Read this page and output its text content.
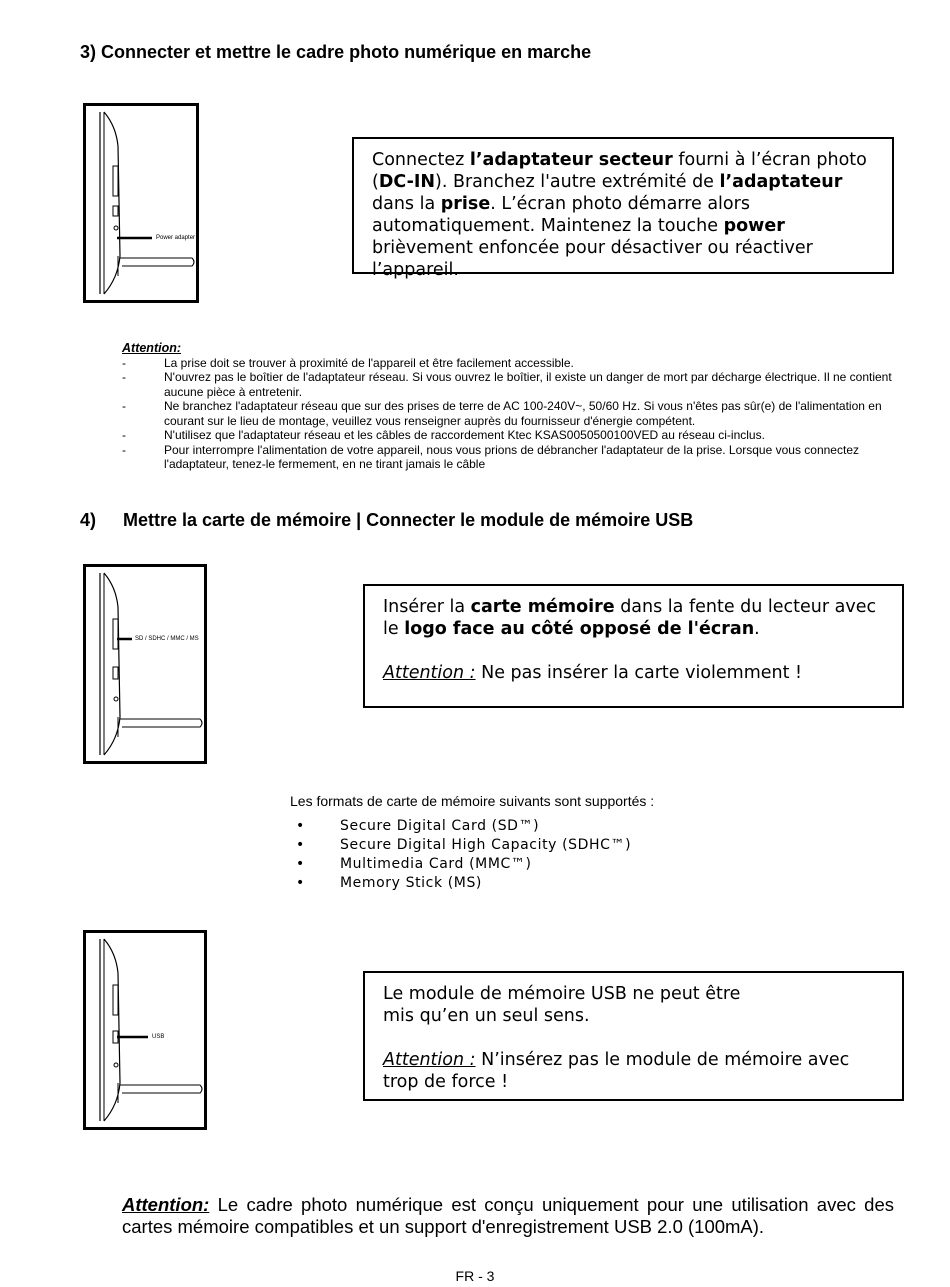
3) Connecter et mettre le cadre photo numérique en marche
Power adapter

Connectez l’adaptateur secteur fourni à l’écran photo (DC-IN). Branchez l'autre extrémité de l’adaptateur dans la prise. L’écran photo démarre alors automatiquement. Maintenez la touche power brièvement enfoncée pour désactiver ou réactiver l’appareil.

Attention:
-	La prise doit se trouver à proximité de l'appareil et être facilement accessible.
-	N'ouvrez pas le boîtier de l'adaptateur réseau. Si vous ouvrez le boîtier, il existe un danger de mort par décharge électrique. Il ne contient aucune pièce à entretenir.
-	Ne branchez l'adaptateur réseau que sur des prises de terre de AC 100-240V~, 50/60 Hz. Si vous n'êtes pas sûr(e) de l'alimentation en courant sur le lieu de montage, veuillez vous renseigner auprès du fournisseur d'énergie compétent.
-	N'utilisez que l'adaptateur réseau et les câbles de raccordement Ktec KSAS0050500100VED au réseau ci-inclus.
-	Pour interrompre l'alimentation de votre appareil, nous vous prions de débrancher l'adaptateur de la prise. Lorsque vous connectez l'adaptateur, tenez-le fermement, en ne tirant jamais le câble
4) Mettre la carte de mémoire | Connecter le module de mémoire USB
SD / SDHC / MMC / MS

Insérer la carte mémoire dans la fente du lecteur avec le logo face au côté opposé de l'écran.

Attention : Ne pas insérer la carte violemment !

Les formats de carte de mémoire suivants sont supportés :
•	Secure Digital Card (SD™)
•	Secure Digital High Capacity (SDHC™)
•	Multimedia Card (MMC™)
•	Memory Stick (MS)
USB

Le module de mémoire USB ne peut être

mis qu’en un seul sens.

Attention : N’insérez pas le module de mémoire avec trop de force !

Attention: Le cadre photo numérique est conçu uniquement pour une utilisation avec des cartes mémoire compatibles et un support d'enregistrement USB 2.0 (100mA).
FR - 3
